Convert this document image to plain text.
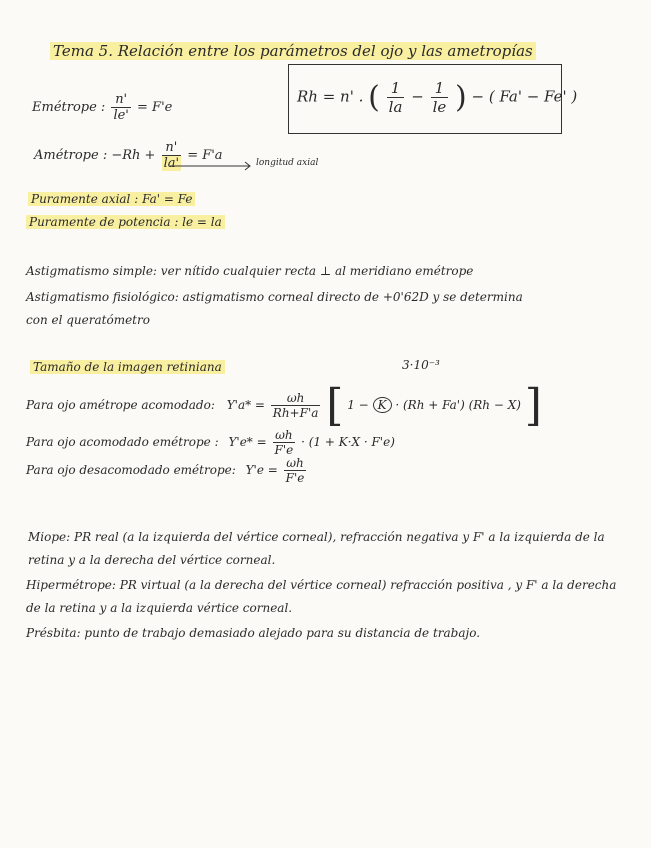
Tema 5. Relación entre los parámetros del ojo y las ametropías
Emétrope : $\frac{n'}{le'} = F'e$
Rh = n' . ( $\frac{1}{la} - \frac{1}{le}$ ) − ( Fa' − Fe' )
Amétrope : $-Rh + \frac{n'}{la'} = F'a$	longitud axial
Puramente axial : Fa' = Fe
Puramente de potencia : le = la
Astigmatismo simple: ver nítido cualquier recta ⊥ al meridiano emétrope
Astigmatismo fisiológico: astigmatismo corneal directo de +0'62D y se determina
con el queratómetro
Tamaño de la imagen retiniana	3·10⁻³
Para ojo amétrope acomodado: $Y'a* = \frac{\omega h}{Rh+F'a}$ [ 1 − K · (Rh + Fa') (Rh − X) ]
Para ojo acomodado emétrope : $Y'e* = \frac{\omega h}{F'e} \cdot (1 + K\cdot X \cdot F'e)$
Para ojo desacomodado emétrope: $Y'e = \frac{\omega h}{F'e}$
Miope: PR real (a la izquierda del vértice corneal), refracción negativa y F' a la izquierda de la
retina y a la derecha del vértice corneal.
Hipermétrope: PR virtual (a la derecha del vértice corneal) refracción positiva , y F' a la derecha
de la retina y a la izquierda vértice corneal.
Présbita: punto de trabajo demasiado alejado para su distancia de trabajo.
